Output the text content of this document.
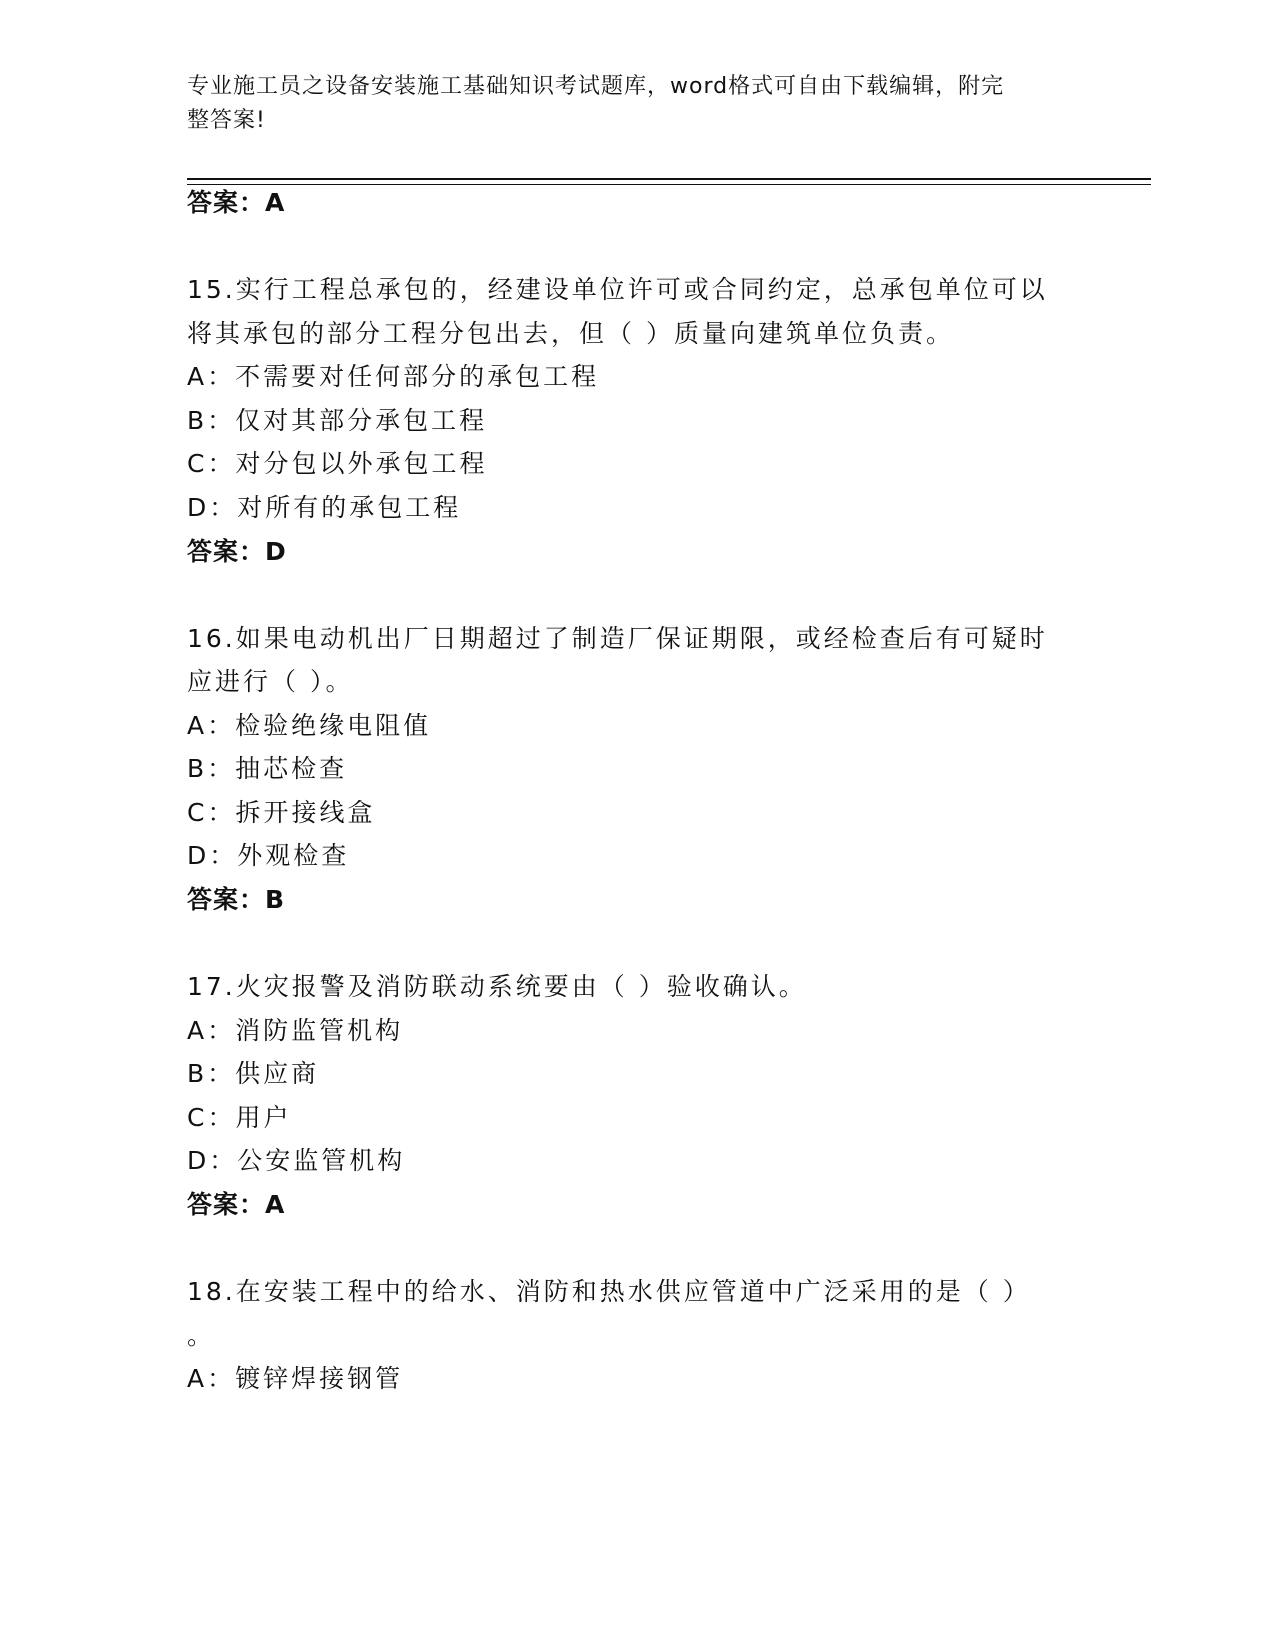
专业施工员之设备安装施工基础知识考试题库，word格式可自由下载编辑，附完
整答案!
答案：A
15.实行工程总承包的，经建设单位许可或合同约定，总承包单位可以
将其承包的部分工程分包出去，但（ ）质量向建筑单位负责。
A：不需要对任何部分的承包工程
B：仅对其部分承包工程
C：对分包以外承包工程
D：对所有的承包工程
答案：D
16.如果电动机出厂日期超过了制造厂保证期限，或经检查后有可疑时
应进行（ ）。
A：检验绝缘电阻值
B：抽芯检查
C：拆开接线盒
D：外观检查
答案：B
17.火灾报警及消防联动系统要由（ ）验收确认。
A：消防监管机构
B：供应商
C：用户
D：公安监管机构
答案：A
18.在安装工程中的给水、消防和热水供应管道中广泛采用的是（ ）
。
A：镀锌焊接钢管
